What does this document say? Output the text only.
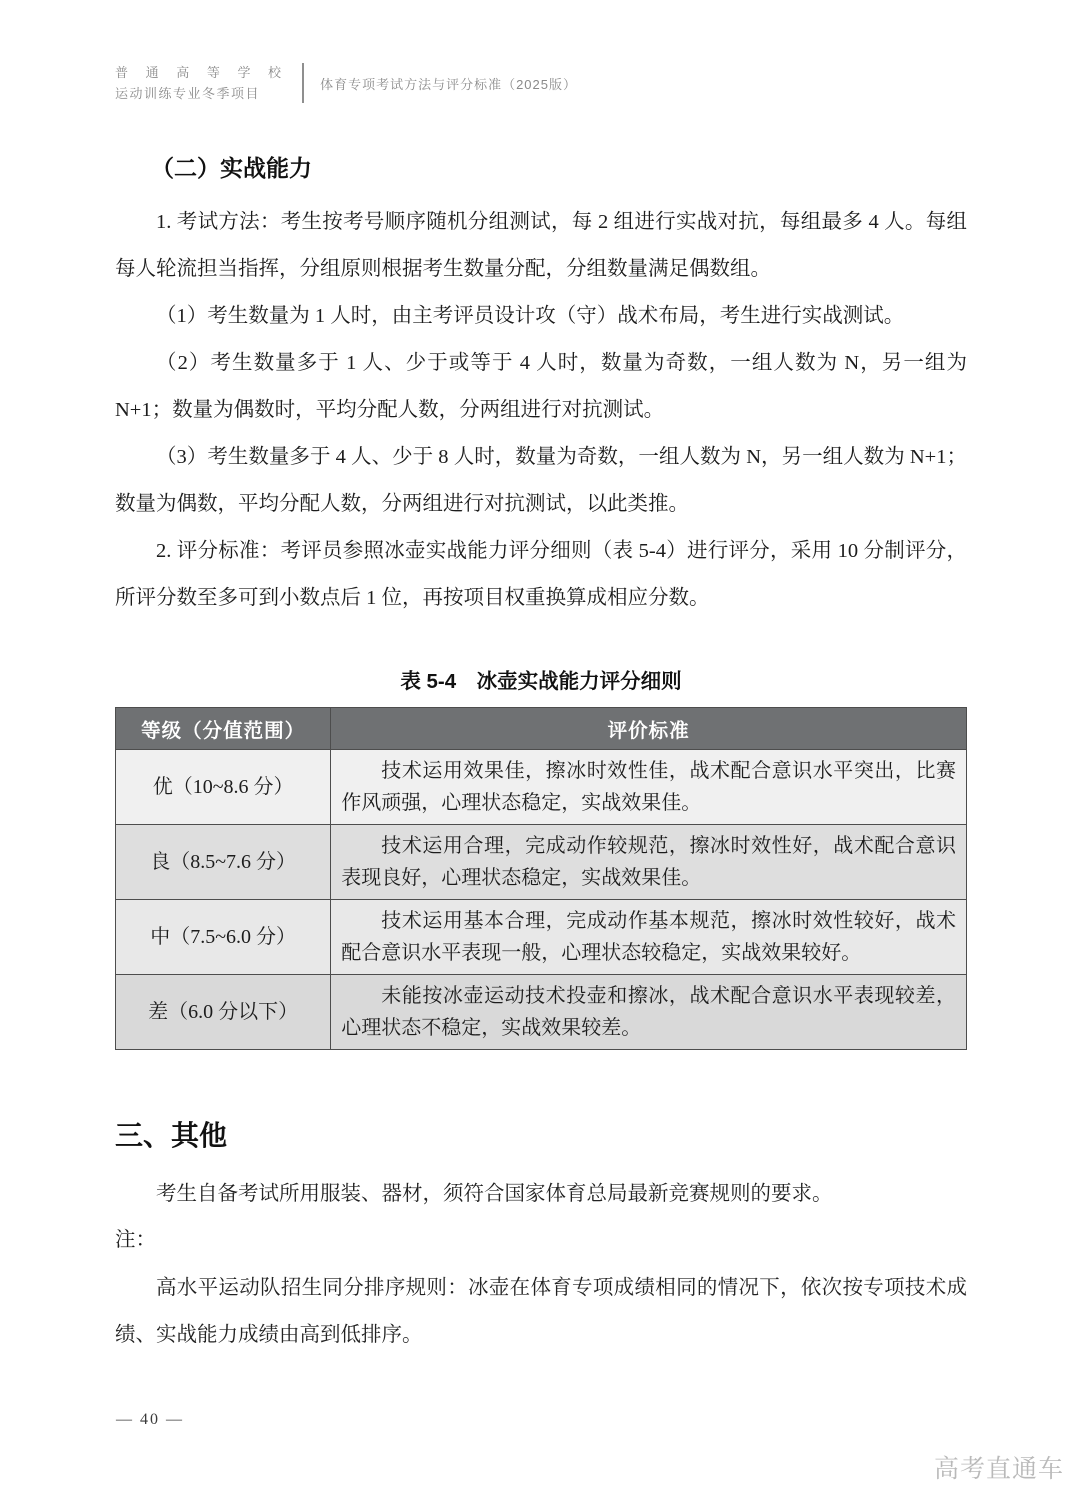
普 通 高 等 学 校
运动训练专业冬季项目
体育专项考试方法与评分标准（2025版）
（二）实战能力

1. 考试方法：考生按考号顺序随机分组测试，每 2 组进行实战对抗，每组最多 4 人。每组每人轮流担当指挥，分组原则根据考生数量分配，分组数量满足偶数组。

（1）考生数量为 1 人时，由主考评员设计攻（守）战术布局，考生进行实战测试。

（2）考生数量多于 1 人、少于或等于 4 人时，数量为奇数，一组人数为 N，另一组为 N+1；数量为偶数时，平均分配人数，分两组进行对抗测试。

（3）考生数量多于 4 人、少于 8 人时，数量为奇数，一组人数为 N，另一组人数为 N+1；数量为偶数，平均分配人数，分两组进行对抗测试，以此类推。

2. 评分标准：考评员参照冰壶实战能力评分细则（表 5-4）进行评分，采用 10 分制评分，所评分数至多可到小数点后 1 位，再按项目权重换算成相应分数。

表 5-4　冰壶实战能力评分细则
等级（分值范围）	评价标准
优（10~8.6 分）	技术运用效果佳，擦冰时效性佳，战术配合意识水平突出，比赛作风顽强，心理状态稳定，实战效果佳。
良（8.5~7.6 分）	技术运用合理，完成动作较规范，擦冰时效性好，战术配合意识表现良好，心理状态稳定，实战效果佳。
中（7.5~6.0 分）	技术运用基本合理，完成动作基本规范，擦冰时效性较好，战术配合意识水平表现一般，心理状态较稳定，实战效果较好。
差（6.0 分以下）	未能按冰壶运动技术投壶和擦冰，战术配合意识水平表现较差，心理状态不稳定，实战效果较差。
三、其他

考生自备考试所用服装、器材，须符合国家体育总局最新竞赛规则的要求。

注：

高水平运动队招生同分排序规则：冰壶在体育专项成绩相同的情况下，依次按专项技术成绩、实战能力成绩由高到低排序。

— 40 —
高考直通车
